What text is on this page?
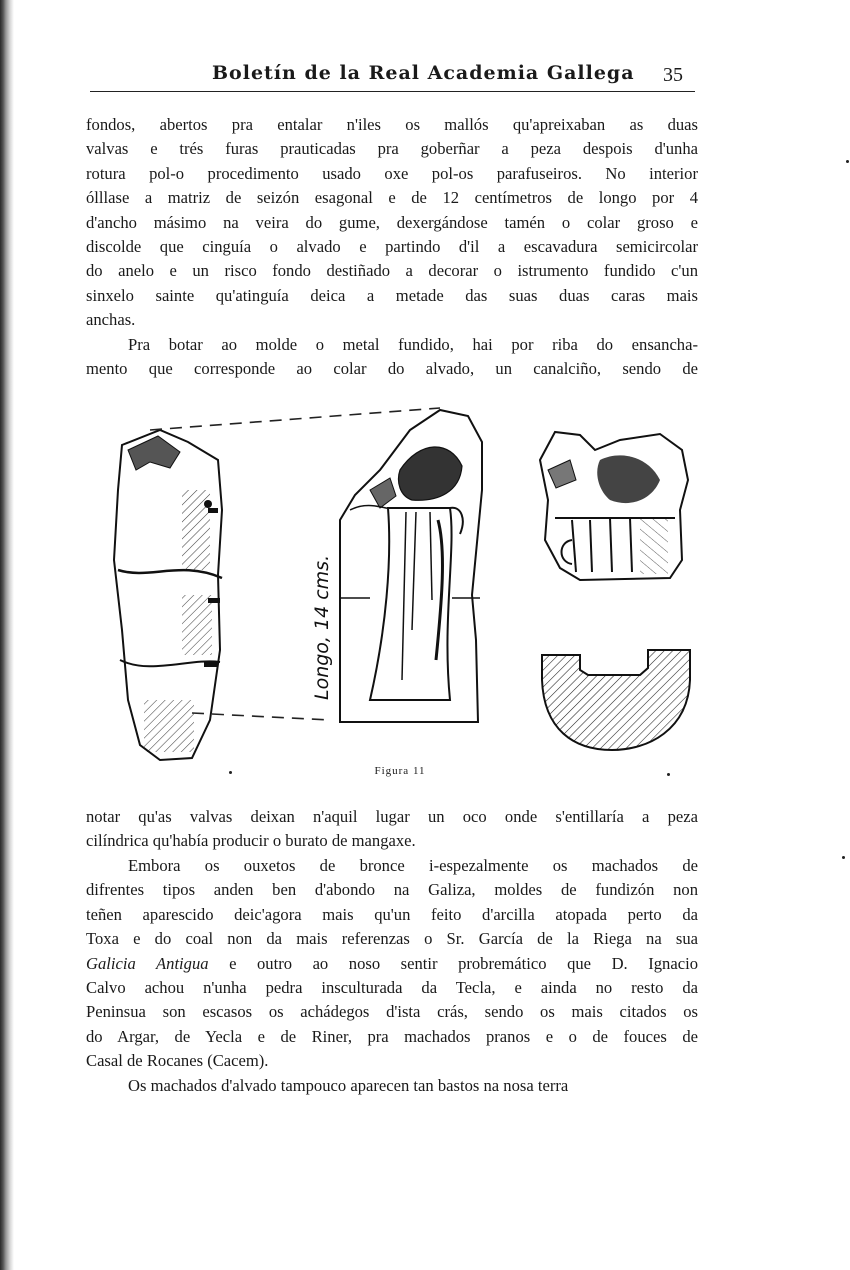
Boletín de la Real Academia Gallega 35
fondos, abertos pra entalar n'iles os mallós qu'apreixaban as duas
valvas e trés furas prauticadas pra goberñar a peza despois d'unha
rotura pol-o procedimento usado oxe pol-os parafuseiros. No interior
ólllase a matriz de seizón esagonal e de 12 centímetros de longo por 4
d'ancho másimo na veira do gume, dexergándose tamén o colar groso e
discolde que cinguía o alvado e partindo d'il a escavadura semicircolar
do anelo e un risco fondo destiñado a decorar o istrumento fundido c'un
sinxelo sainte qu'atinguía deica a metade das suas duas caras mais
anchas.
Pra botar ao molde o metal fundido, hai por riba do ensancha-
mento que corresponde ao colar do alvado, un canalciño, sendo de
Longo, 14 cms.
Figura 11
notar qu'as valvas deixan n'aquil lugar un oco onde s'entillaría a peza
cilíndrica qu'había producir o burato de mangaxe.
Embora os ouxetos de bronce i-espezalmente os machados de
difrentes tipos anden ben d'abondo na Galiza, moldes de fundizón non
teñen aparescido deic'agora mais qu'un feito d'arcilla atopada perto da
Toxa e do coal non da mais referenzas o Sr. García de la Riega na sua
Galicia Antigua e outro ao noso sentir probremático que D. Ignacio
Calvo achou n'unha pedra insculturada da Tecla, e ainda no resto da
Peninsua son escasos os achádegos d'ista crás, sendo os mais citados os
do Argar, de Yecla e de Riner, pra machados pranos e o de fouces de
Casal de Rocanes (Cacem).
Os machados d'alvado tampouco aparecen tan bastos na nosa terra
